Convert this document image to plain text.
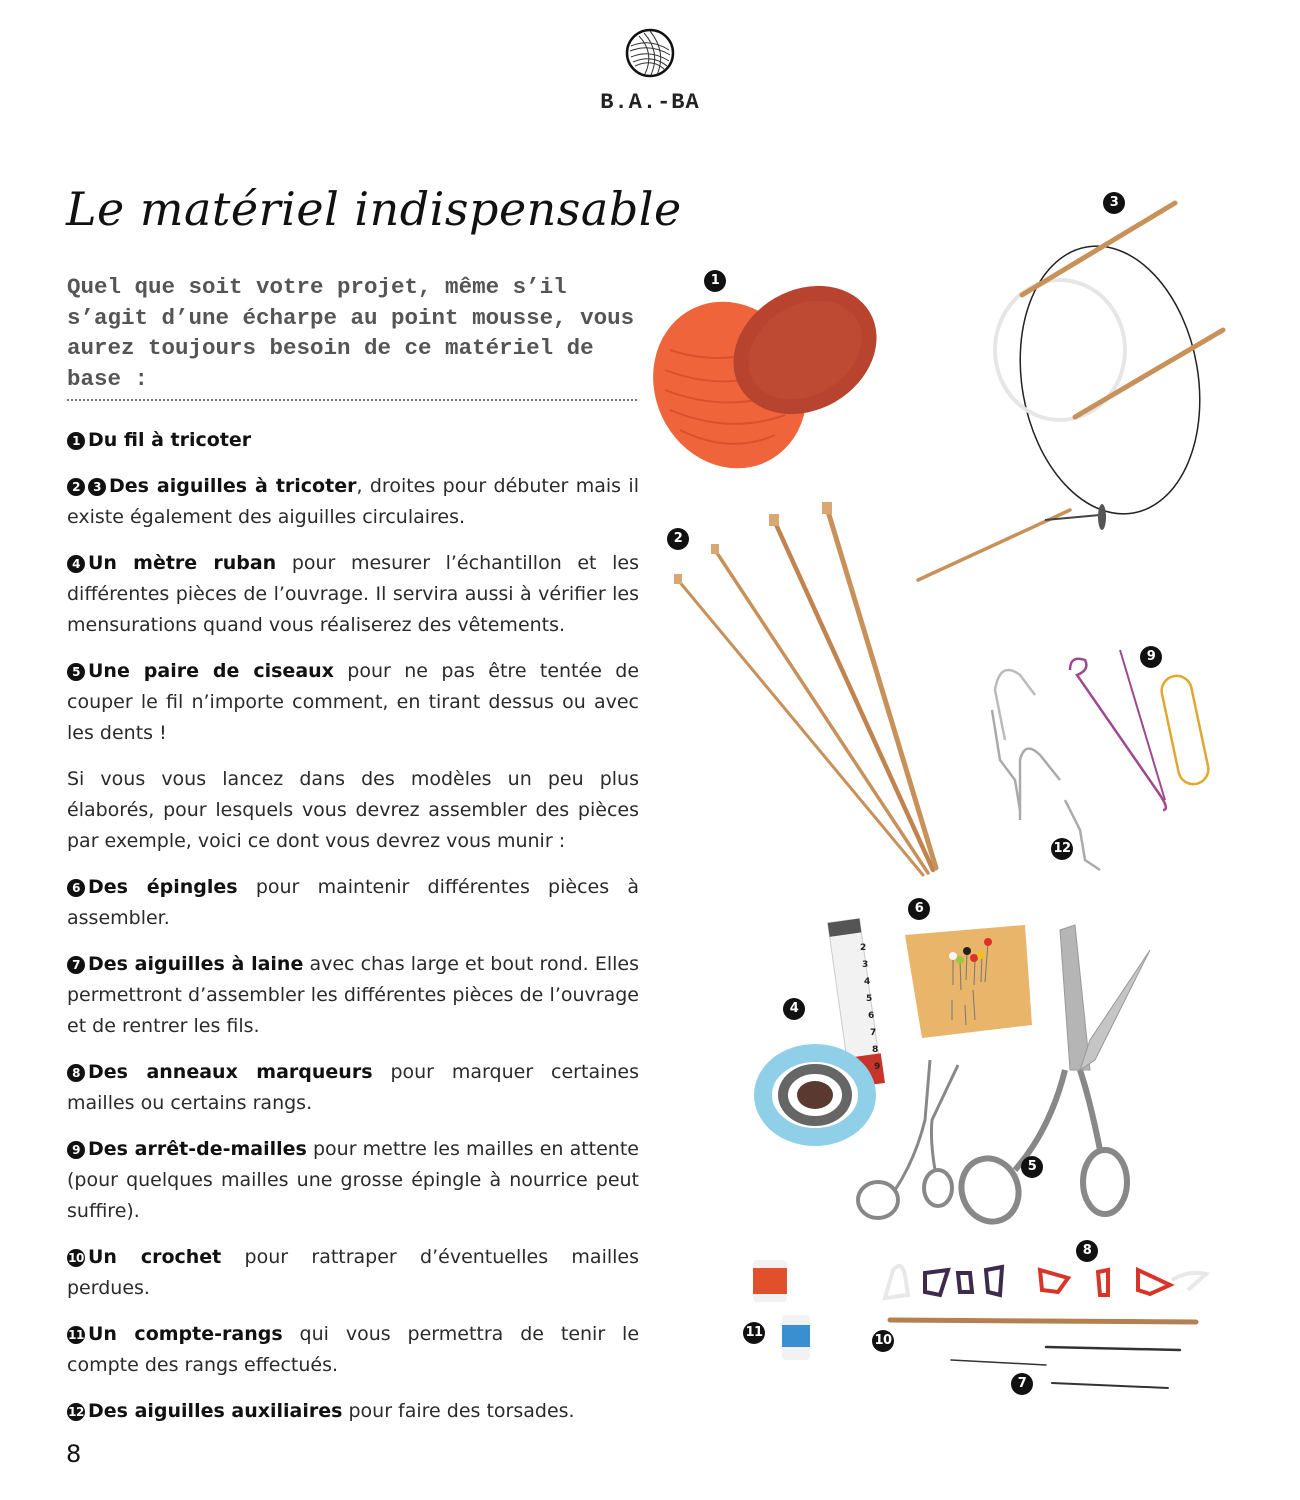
B.A.-BA
Le matériel indispensable
Quel que soit votre projet, même s’il s’agit d’une écharpe au point mousse, vous aurez toujours besoin de ce matériel de base :

1 Du fil à tricoter

2 3 Des aiguilles à tricoter, droites pour débuter mais il existe également des aiguilles circulaires.

4 Un mètre ruban pour mesurer l’échantillon et les différentes pièces de l’ouvrage. Il servira aussi à vérifier les mensurations quand vous réaliserez des vêtements.

5 Une paire de ciseaux pour ne pas être tentée de couper le fil n’importe comment, en tirant dessus ou avec les dents !

Si vous vous lancez dans des modèles un peu plus élaborés, pour lesquels vous devrez assembler des pièces par exemple, voici ce dont vous devrez vous munir :

6 Des épingles pour maintenir différentes pièces à assembler.

7 Des aiguilles à laine avec chas large et bout rond. Elles permettront d’assembler les différentes pièces de l’ouvrage et de rentrer les fils.

8 Des anneaux marqueurs pour marquer certaines mailles ou certains rangs.

9 Des arrêt-de-mailles pour mettre les mailles en attente (pour quelques mailles une grosse épingle à nourrice peut suffire).

10 Un crochet pour rattraper d’éventuelles mailles perdues.

11 Un compte-rangs qui vous permettra de tenir le compte des rangs effectués.

12 Des aiguilles auxiliaires pour faire des torsades.

2
3
4
5
6
7
8
9
1
2
3
4
5
6
7
8
9
10
11
12
8
